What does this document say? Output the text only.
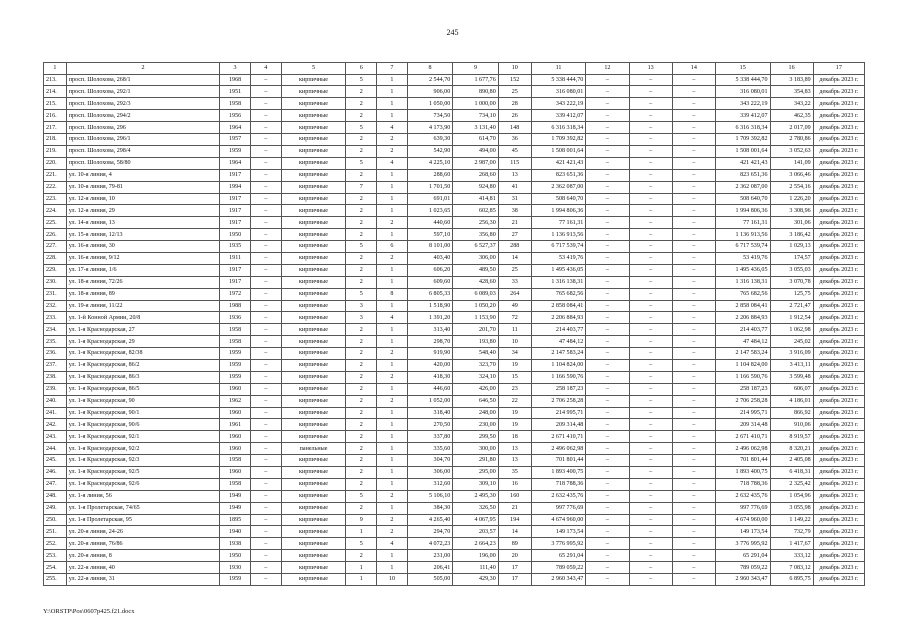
245
1	2	3	4	5	6	7	8	9	10	11	12	13	14	15	16	17
213.	просп. Шолохова, 268/1	1968	–	кирпичные	5	1	2 544,70	1 677,76	152	5 338 444,70	–	–	–	5 338 444,70	3 183,89	декабрь 2023 г.
214.	просп. Шолохова, 292/1	1951	–	кирпичные	2	1	906,00	890,80	25	316 080,01	–	–	–	316 080,01	354,83	декабрь 2023 г.
215.	просп. Шолохова, 292/3	1958	–	кирпичные	2	1	1 050,00	1 000,00	28	343 222,19	–	–	–	343 222,19	343,22	декабрь 2023 г.
216.	просп. Шолохова, 294/2	1956	–	кирпичные	2	1	734,50	734,10	26	339 412,07	–	–	–	339 412,07	462,35	декабрь 2023 г.
217.	просп. Шолохова, 296	1964	–	кирпичные	5	4	4 173,90	3 131,40	148	6 316 318,34	–	–	–	6 316 318,34	2 017,09	декабрь 2023 г.
218.	просп. Шолохова, 296/1	1957	–	кирпичные	2	2	639,30	614,70	36	1 709 392,82	–	–	–	1 709 392,82	2 780,86	декабрь 2023 г.
219.	просп. Шолохова, 298/4	1959	–	кирпичные	2	2	542,90	494,00	45	1 508 001,64	–	–	–	1 508 001,64	3 052,63	декабрь 2023 г.
220.	просп. Шолохова, 58/80	1964	–	кирпичные	5	4	4 225,10	2 987,00	115	421 421,43	–	–	–	421 421,43	141,09	декабрь 2023 г.
221.	ул. 10-я линия, 4	1917	–	кирпичные	2	1	288,60	268,60	13	823 651,36	–	–	–	823 651,36	3 066,46	декабрь 2023 г.
222.	ул. 10-я линия, 79-81	1994	–	кирпичные	7	1	1 701,50	924,80	41	2 362 087,00	–	–	–	2 362 087,00	2 554,16	декабрь 2023 г.
223.	ул. 12-я линия, 10	1917	–	кирпичные	2	1	691,01	414,81	31	508 640,70	–	–	–	508 640,70	1 226,20	декабрь 2023 г.
224.	ул. 12-я линия, 29	1917	–	кирпичные	2	1	1 023,65	602,85	38	1 994 806,36	–	–	–	1 994 806,36	3 308,96	декабрь 2023 г.
225.	ул. 14-я линия, 13	1917	–	кирпичные	2	2	440,60	256,30	21	77 161,31	–	–	–	77 161,31	301,06	декабрь 2023 г.
226.	ул. 15-я линия, 12/13	1950	–	кирпичные	2	1	597,10	356,80	27	1 136 913,56	–	–	–	1 136 913,56	3 186,42	декабрь 2023 г.
227.	ул. 16-я линия, 30	1935	–	кирпичные	5	6	8 101,00	6 527,37	288	6 717 539,74	–	–	–	6 717 539,74	1 029,13	декабрь 2023 г.
228.	ул. 16-я линия, 9/12	1911	–	кирпичные	2	2	403,40	306,00	14	53 419,76	–	–	–	53 419,76	174,57	декабрь 2023 г.
229.	ул. 17-я линия, 1/6	1917	–	кирпичные	2	1	606,20	489,50	25	1 495 436,05	–	–	–	1 495 436,05	3 055,03	декабрь 2023 г.
230.	ул. 18-я линия, 72/26	1917	–	кирпичные	2	1	609,60	428,60	33	1 316 138,31	–	–	–	1 316 138,31	3 070,78	декабрь 2023 г.
231.	ул. 18-я линия, 89	1972	–	кирпичные	5	8	6 805,33	6 089,03	264	765 682,56	–	–	–	765 682,56	125,75	декабрь 2023 г.
232.	ул. 19-я линия, 11/22	1988	–	кирпичные	3	1	1 518,90	1 050,20	49	2 858 084,41	–	–	–	2 858 084,41	2 721,47	декабрь 2023 г.
233.	ул. 1-й Конной Армии, 20/8	1936	–	кирпичные	3	4	1 391,20	1 153,90	72	2 206 884,93	–	–	–	2 206 884,93	1 912,54	декабрь 2023 г.
234.	ул. 1-я Краснодарская, 27	1958	–	кирпичные	2	1	313,40	201,70	11	214 403,77	–	–	–	214 403,77	1 062,98	декабрь 2023 г.
235.	ул. 1-я Краснодарская, 29	1958	–	кирпичные	2	1	298,70	193,80	10	47 484,12	–	–	–	47 484,12	245,02	декабрь 2023 г.
236.	ул. 1-я Краснодарская, 82/38	1959	–	кирпичные	2	2	919,90	548,40	34	2 147 583,24	–	–	–	2 147 583,24	3 916,09	декабрь 2023 г.
237.	ул. 1-я Краснодарская, 86/2	1959	–	кирпичные	2	1	420,00	323,70	19	1 104 824,00	–	–	–	1 104 824,00	3 413,11	декабрь 2023 г.
238.	ул. 1-я Краснодарская, 86/3	1959	–	кирпичные	2	2	418,30	324,10	15	1 166 590,76	–	–	–	1 166 590,76	3 599,48	декабрь 2023 г.
239.	ул. 1-я Краснодарская, 86/5	1960	–	кирпичные	2	1	446,60	426,00	23	258 187,23	–	–	–	258 187,23	606,07	декабрь 2023 г.
240.	ул. 1-я Краснодарская, 90	1962	–	кирпичные	2	2	1 052,00	646,50	22	2 706 258,28	–	–	–	2 706 258,28	4 186,01	декабрь 2023 г.
241.	ул. 1-я Краснодарская, 90/1	1960	–	кирпичные	2	1	318,40	248,00	19	214 995,71	–	–	–	214 995,71	866,92	декабрь 2023 г.
242.	ул. 1-я Краснодарская, 90/6	1961	–	кирпичные	2	1	270,50	230,00	19	209 314,48	–	–	–	209 314,48	910,06	декабрь 2023 г.
243.	ул. 1-я Краснодарская, 92/1	1960	–	кирпичные	2	1	337,80	299,50	18	2 671 410,71	–	–	–	2 671 410,71	8 919,57	декабрь 2023 г.
244.	ул. 1-я Краснодарская, 92/2	1960	–	панельные	2	1	335,60	300,00	13	2 496 062,98	–	–	–	2 496 062,98	8 320,21	декабрь 2023 г.
245.	ул. 1-я Краснодарская, 92/3	1958	–	кирпичные	2	1	304,70	291,80	13	701 801,44	–	–	–	701 801,44	2 405,08	декабрь 2023 г.
246.	ул. 1-я Краснодарская, 92/5	1960	–	кирпичные	2	1	306,00	295,00	35	1 893 400,75	–	–	–	1 893 400,75	6 418,31	декабрь 2023 г.
247.	ул. 1-я Краснодарская, 92/6	1958	–	кирпичные	2	1	312,60	309,10	16	718 788,36	–	–	–	718 788,36	2 325,42	декабрь 2023 г.
248.	ул. 1-я линия, 56	1949	–	кирпичные	5	2	5 106,10	2 495,30	160	2 632 435,76	–	–	–	2 632 435,76	1 054,96	декабрь 2023 г.
249.	ул. 1-я Пролетарская, 74/65	1949	–	кирпичные	2	1	384,30	326,50	21	997 776,69	–	–	–	997 776,69	3 055,98	декабрь 2023 г.
250.	ул. 1-я Пролетарская, 95	1895	–	кирпичные	9	2	4 265,40	4 067,95	194	4 674 960,00	–	–	–	4 674 960,00	1 149,22	декабрь 2023 г.
251.	ул. 20-я линия, 24-26	1940	–	кирпичные	1	2	294,70	203,57	14	149 173,54	–	–	–	149 173,54	732,79	декабрь 2023 г.
252.	ул. 20-я линия, 76/86	1938	–	кирпичные	5	4	4 072,23	2 664,23	89	3 776 995,92	–	–	–	3 776 995,92	1 417,67	декабрь 2023 г.
253.	ул. 20-я линия, 8	1950	–	кирпичные	2	1	231,00	196,00	20	65 291,04	–	–	–	65 291,04	333,12	декабрь 2023 г.
254.	ул. 22-я линия, 40	1930	–	кирпичные	1	1	206,41	111,40	17	789 059,22	–	–	–	789 059,22	7 083,12	декабрь 2023 г.
255.	ул. 22-я линия, 31	1959	–	кирпичные	1	10	505,00	429,30	17	2 960 343,47	–	–	–	2 960 343,47	6 895,75	декабрь 2023 г.
Y:\ORSTP\Pos\0607p425.f21.docx
